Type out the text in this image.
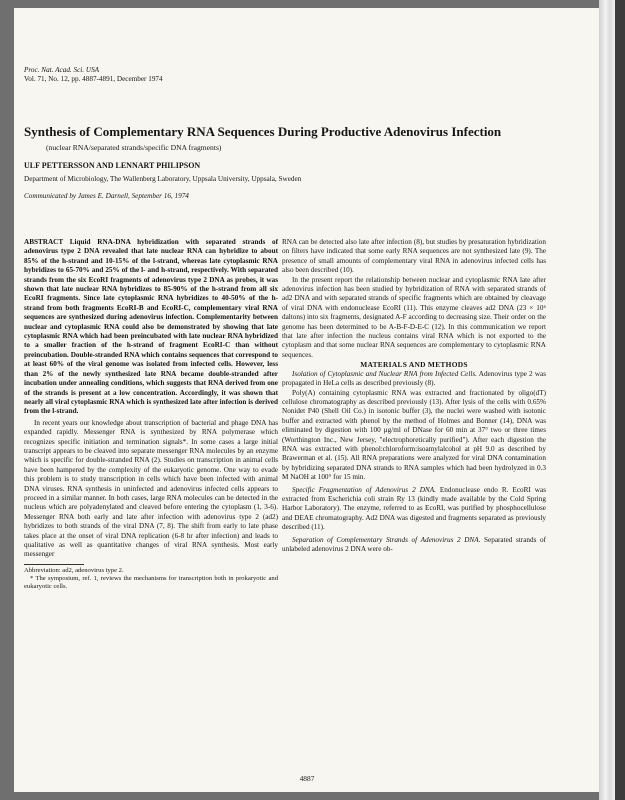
Proc. Nat. Acad. Sci. USA
Vol. 71, No. 12, pp. 4887-4891, December 1974
Synthesis of Complementary RNA Sequences During Productive Adenovirus Infection
(nuclear RNA/separated strands/specific DNA fragments)
ULF PETTERSSON AND LENNART PHILIPSON
Department of Microbiology, The Wallenberg Laboratory, Uppsala University, Uppsala, Sweden
Communicated by James E. Darnell, September 16, 1974

ABSTRACT Liquid RNA-DNA hybridization with separated strands of adenovirus type 2 DNA revealed that late nuclear RNA can hybridize to about 85% of the h-strand and 10-15% of the l-strand, whereas late cytoplasmic RNA hybridizes to 65-70% and 25% of the l- and h-strand, respectively. With separated strands from the six EcoRI fragments of adenovirus type 2 DNA as probes, it was shown that late nuclear RNA hybridizes to 85-90% of the h-strand from all six EcoRI fragments. Since late cytoplasmic RNA hybridizes to 40-50% of the h-strand from both fragments EcoRI-B and EcoRI-C, complementary viral RNA sequences are synthesized during adenovirus infection. Complementarity between nuclear and cytoplasmic RNA could also be demonstrated by showing that late cytoplasmic RNA which had been preincubated with late nuclear RNA hybridized to a smaller fraction of the h-strand of fragment EcoRI-C than without preincubation. Double-stranded RNA which contains sequences that correspond to at least 60% of the viral genome was isolated from infected cells. However, less than 2% of the newly synthesized late RNA became double-stranded after incubation under annealing conditions, which suggests that RNA derived from one of the strands is present at a low concentration. Accordingly, it was shown that nearly all viral cytoplasmic RNA which is synthesized late after infection is derived from the l-strand.

In recent years our knowledge about transcription of bacterial and phage DNA has expanded rapidly. Messenger RNA is synthesized by RNA polymerase which recognizes specific initiation and termination signals*. In some cases a large initial transcript appears to be cleaved into separate messenger RNA molecules by an enzyme which is specific for double-stranded RNA (2). Studies on transcription in animal cells have been hampered by the complexity of the eukaryotic genome. One way to evade this problem is to study transcription in cells which have been infected with animal DNA viruses. RNA synthesis in uninfected and adenovirus infected cells appears to proceed in a similar manner. In both cases, large RNA molecules can be detected in the nucleus which are polyadenylated and cleaved before entering the cytoplasm (1, 3-6). Messenger RNA both early and late after infection with adenovirus type 2 (ad2) hybridizes to both strands of the viral DNA (7, 8). The shift from early to late phase takes place at the onset of viral DNA replication (6-8 hr after infection) and leads to qualitative as well as quantitative changes of viral RNA synthesis. Most early messenger

Abbreviation: ad2, adenovirus type 2.

* The symposium, ref. 1, reviews the mechanisms for transcription both in prokaryotic and eukaryotic cells.

RNA can be detected also late after infection (8), but studies by presaturation hybridization on filters have indicated that some early RNA sequences are not synthesized late (9). The presence of small amounts of complementary viral RNA in adenovirus infected cells has also been described (10).

In the present report the relationship between nuclear and cytoplasmic RNA late after adenovirus infection has been studied by hybridization of RNA with separated strands of ad2 DNA and with separated strands of specific fragments which are obtained by cleavage of viral DNA with endonuclease EcoRI (11). This enzyme cleaves ad2 DNA (23 × 10⁶ daltons) into six fragments, designated A-F according to decreasing size. Their order on the genome has been determined to be A-B-F-D-E-C (12). In this communication we report that late after infection the nucleus contains viral RNA which is not exported to the cytoplasm and that some nuclear RNA sequences are complementary to cytoplasmic RNA sequences.

MATERIALS AND METHODS

Isolation of Cytoplasmic and Nuclear RNA from Infected Cells. Adenovirus type 2 was propagated in HeLa cells as described previously (8).

Poly(A) containing cytoplasmic RNA was extracted and fractionated by oligo(dT) cellulose chromatography as described previously (13). After lysis of the cells with 0.65% Nonidet P40 (Shell Oil Co.) in isotonic buffer (3), the nuclei were washed with isotonic buffer and extracted with phenol by the method of Holmes and Bonner (14), DNA was eliminated by digestion with 100 µg/ml of DNase for 60 min at 37° two or three times (Worthington Inc., New Jersey, "electrophoretically purified"). After each digestion the RNA was extracted with phenol:chloroform:isoamylalcohol at pH 9.0 as described by Brawerman et al. (15). All RNA preparations were analyzed for viral DNA contamination by hybridizing separated DNA strands to RNA samples which had been hydrolyzed in 0.3 M NaOH at 100° for 15 min.

Specific Fragmentation of Adenovirus 2 DNA. Endonuclease endo R. EcoRI was extracted from Escherichia coli strain Ry 13 (kindly made available by the Cold Spring Harbor Laboratory). The enzyme, referred to as EcoRI, was purified by phosphocellulose and DEAE chromatography. Ad2 DNA was digested and fragments separated as previously described (11).

Separation of Complementary Strands of Adenovirus 2 DNA. Separated strands of unlabeled adenovirus 2 DNA were ob-

4887
